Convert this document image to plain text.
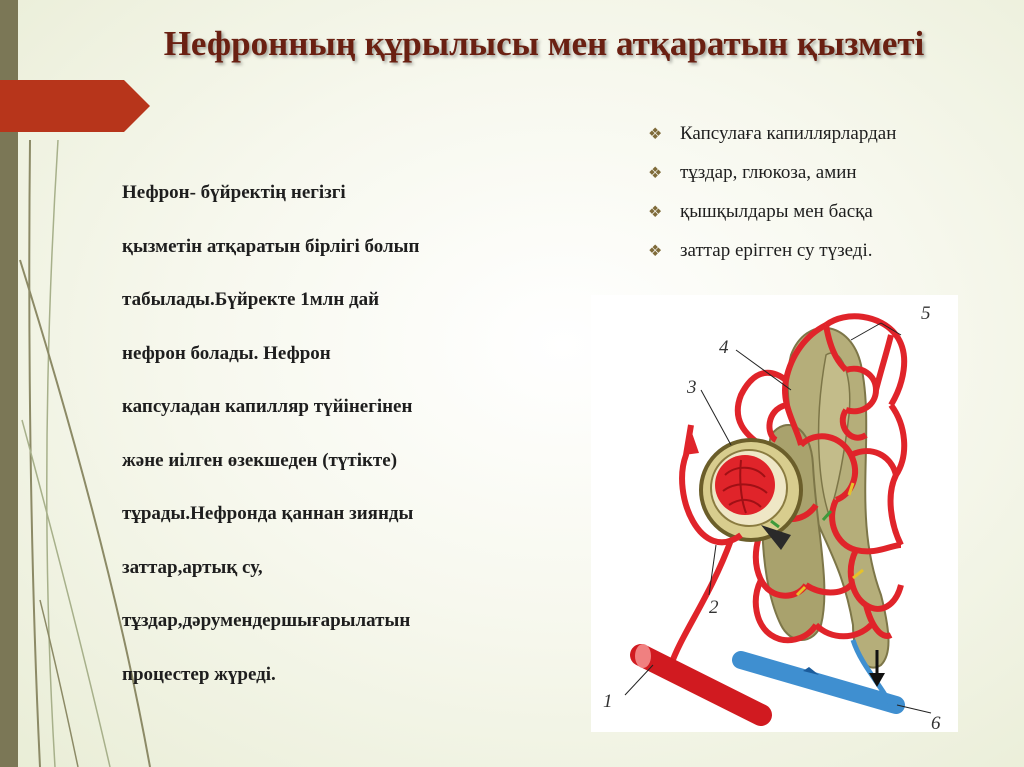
Нефронның құрылысы мен атқаратын қызметі

Нефрон- бүйректің негізгі
қызметін атқаратын бірлігі болып
табылады.Бүйректе 1млн дай
нефрон болады. Нефрон
капсуладан капилляр түйінегінен
және иілген өзекшеден (түтікте)
тұрады.Нефронда қаннан зиянды
заттар,артық су,
тұздар,дәрумендершығарылатын
процестер жүреді.

❖ Капсулаға капиллярлардан
❖ тұздар, глюкоза, амин
❖ қышқылдары мен басқа
❖ заттар ерігген су түзеді.
5
4
3
2
1
6
